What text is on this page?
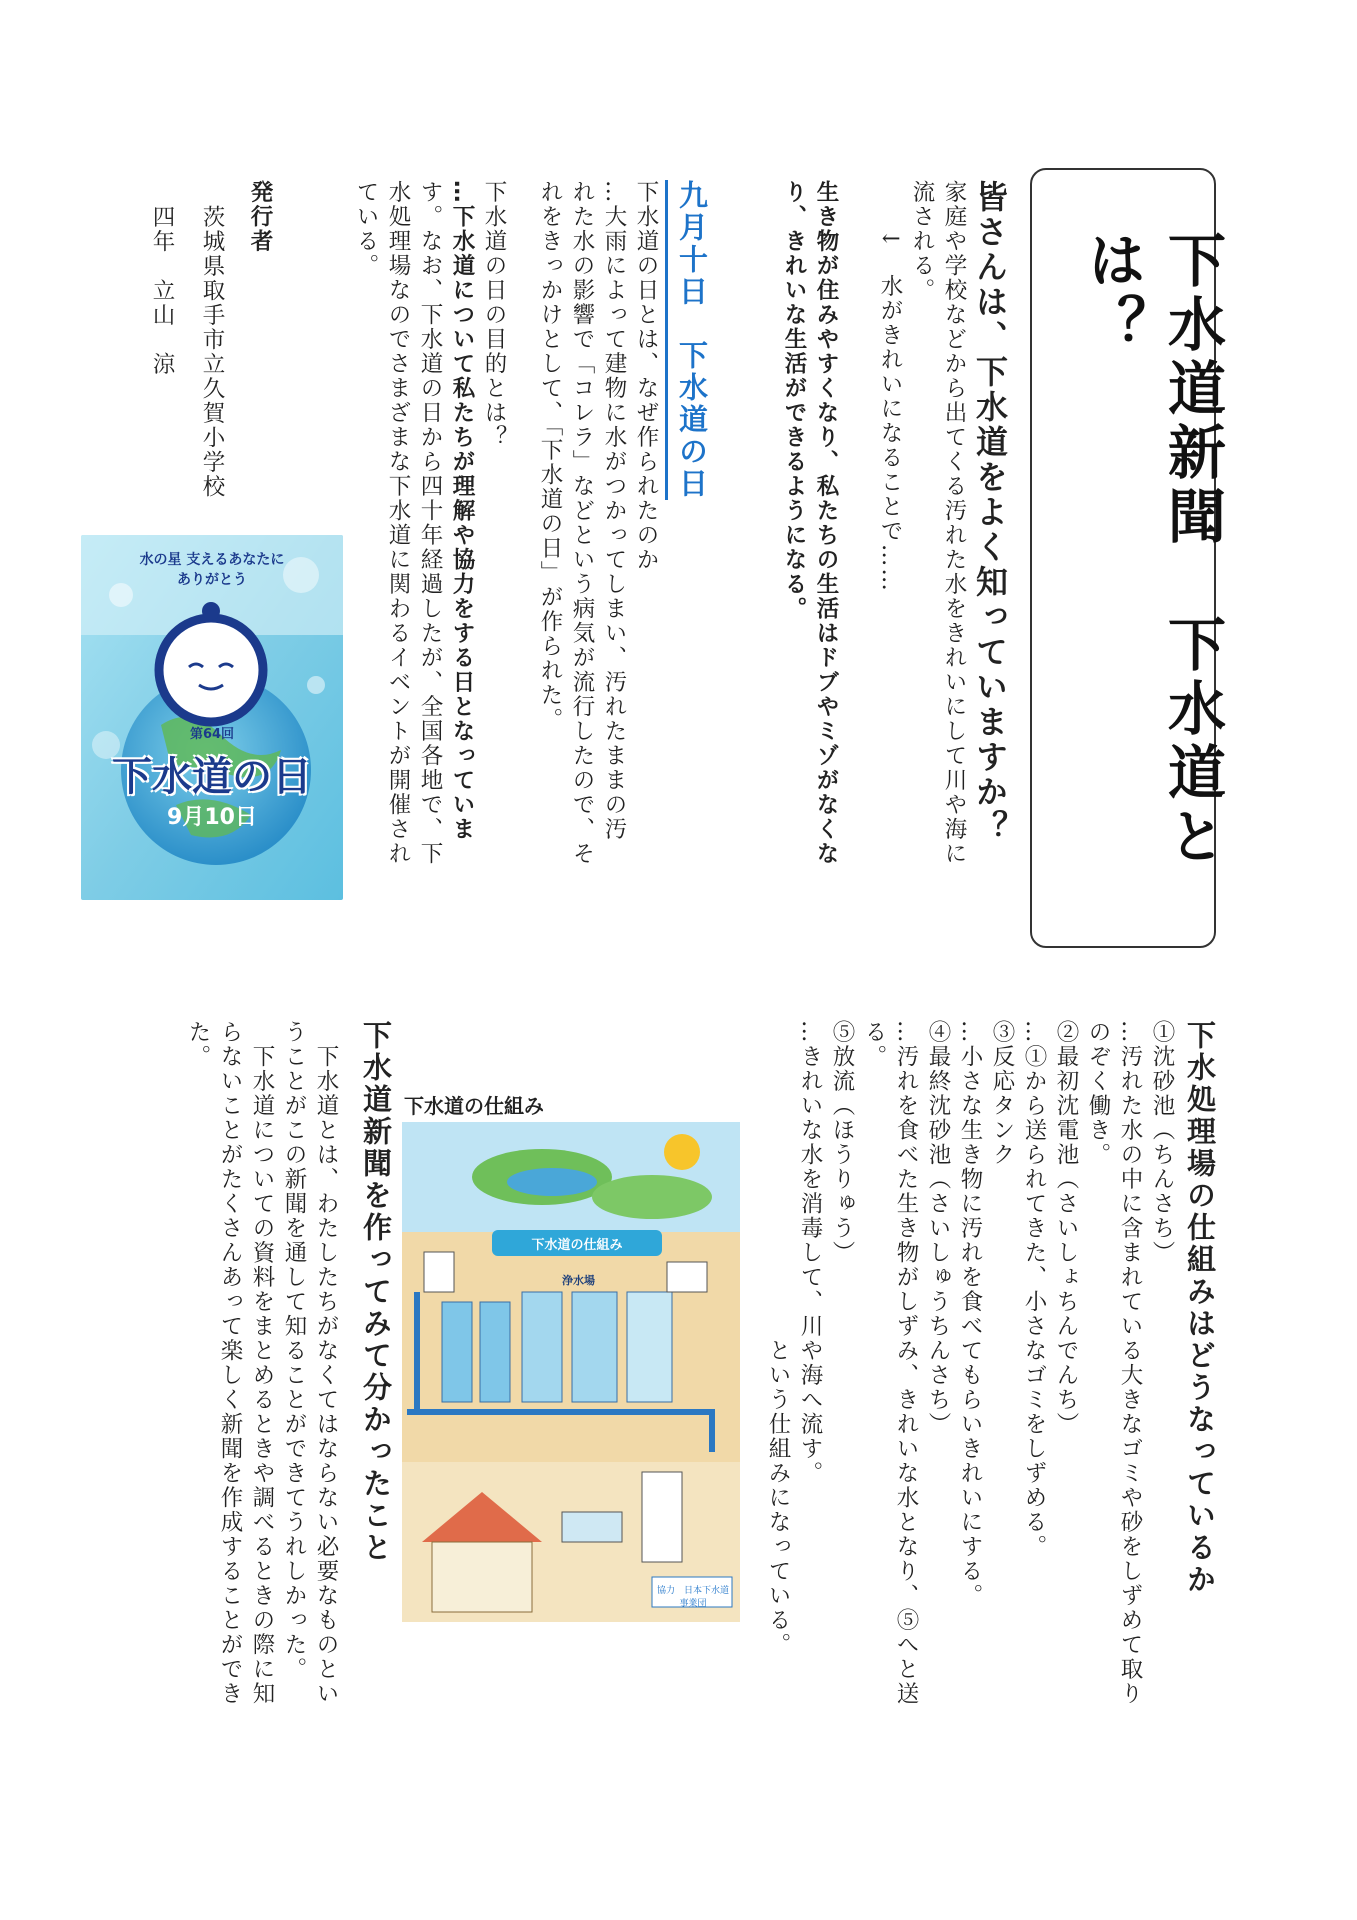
下水道新聞　下水道とは？
皆さんは、下水道をよく知っていますか？
家庭や学校などから出てくる汚れた水をきれいにして川や海に
流される。
　　↓　水がきれいになることで……
生き物が住みやすくなり、私たちの生活はドブやミゾがなくな
り、きれいな生活ができるようになる。
九月十日　下水道の日
下水道の日とは、なぜ作られたのか
…大雨によって建物に水がつかってしまい、汚れたままの汚
れた水の影響で「コレラ」などという病気が流行したので、そ
れをきっかけとして、「下水道の日」が作られた。
下水道の日の目的とは？
…下水道について私たちが理解や協力をする日となっていま
す。なお、下水道の日から四十年経過したが、全国各地で、下
水処理場なのでさまざまな下水道に関わるイベントが開催され
ている。
発行者
茨城県取手市立久賀小学校
四年　立山　涼
水の星 支えるあなたに
ありがとう
第64回
下水道の日
9月10日
下水処理場の仕組みはどうなっているか
①沈砂池（ちんさち）
…汚れた水の中に含まれている大きなゴミや砂をしずめて取り
のぞく働き。
②最初沈電池（さいしょちんでんち）
…①から送られてきた、小さなゴミをしずめる。
③反応タンク
…小さな生き物に汚れを食べてもらいきれいにする。
④最終沈砂池（さいしゅうちんさち）
…汚れを食べた生き物がしずみ、きれいな水となり、⑤へと送
る。
⑤放流（ほうりゅう）
…きれいな水を消毒して、川や海へ流す。
　　　　　　　　　　　　　という仕組みになっている。
下水道の仕組み
下水道の仕組み
浄水場
協力　日本下水道事業団
下水道新聞を作ってみて分かったこと
　下水道とは、わたしたちがなくてはならない必要なものとい
うことがこの新聞を通して知ることができてうれしかった。
　下水道についての資料をまとめるときや調べるときの際に知
らないことがたくさんあって楽しく新聞を作成することができ
た。
